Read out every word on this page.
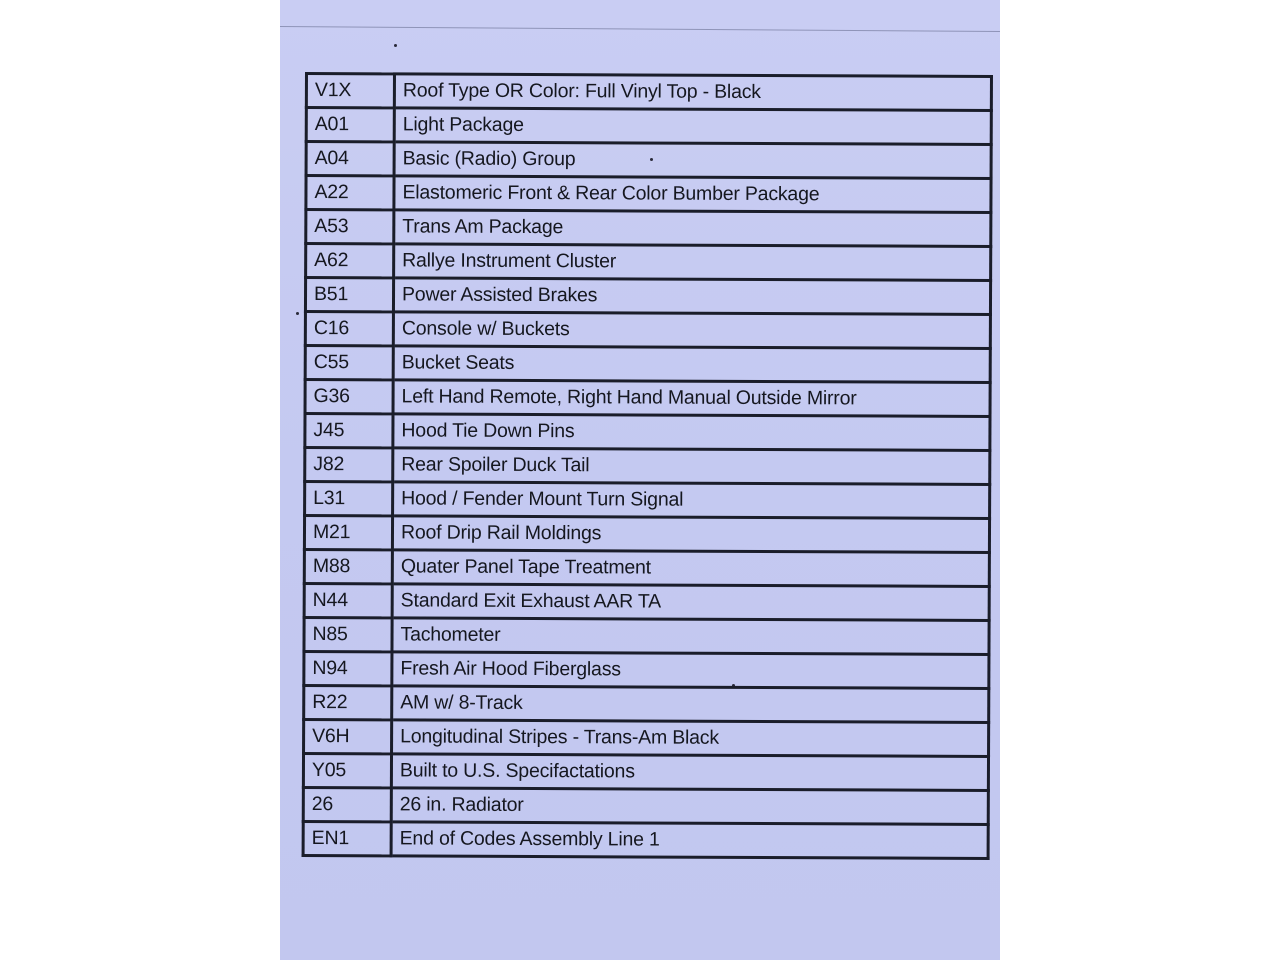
V1X	Roof Type OR Color: Full Vinyl Top - Black
A01	Light Package
A04	Basic (Radio) Group
A22	Elastomeric Front & Rear Color Bumber Package
A53	Trans Am Package
A62	Rallye Instrument Cluster
B51	Power Assisted Brakes
C16	Console w/ Buckets
C55	Bucket Seats
G36	Left Hand Remote, Right Hand Manual Outside Mirror
J45	Hood Tie Down Pins
J82	Rear Spoiler Duck Tail
L31	Hood / Fender Mount Turn Signal
M21	Roof Drip Rail Moldings
M88	Quater Panel Tape Treatment
N44	Standard Exit Exhaust AAR TA
N85	Tachometer
N94	Fresh Air Hood Fiberglass
R22	AM w/ 8-Track
V6H	Longitudinal Stripes - Trans-Am Black
Y05	Built to U.S. Specifactations
26	26 in. Radiator
EN1	End of Codes Assembly Line 1
